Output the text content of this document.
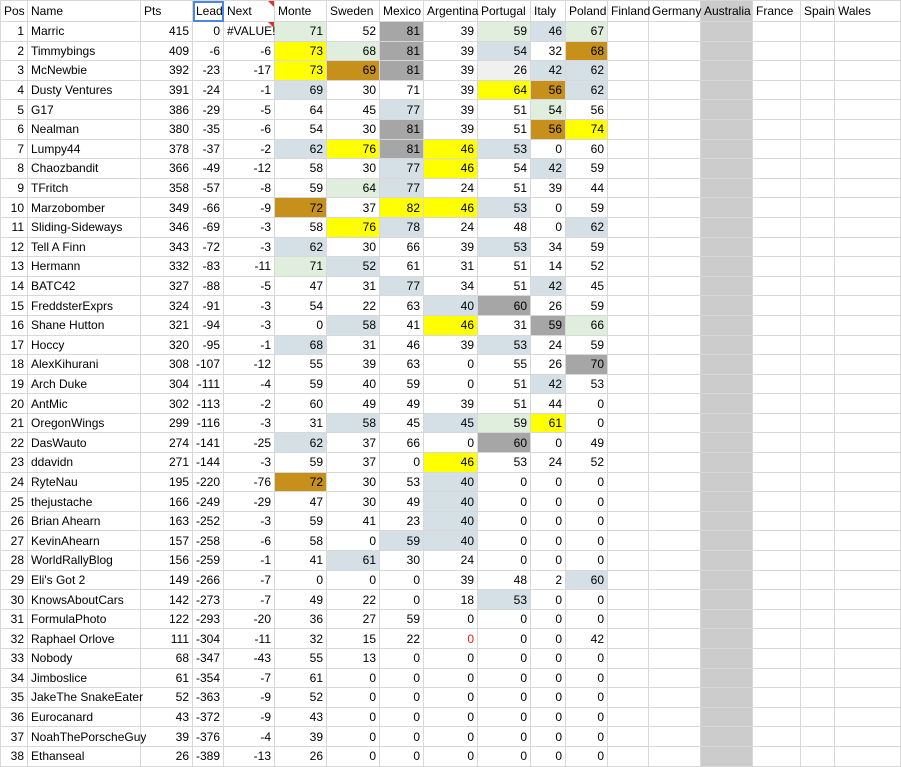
Pos	Name	Pts	Lead	Next	Monte	Sweden	Mexico	Argentina	Portugal	Italy	Poland	Finland	Germany	Australia	France	Spain	Wales
1	Marric	415	0	#VALUE!	71	52	81	39	59	46	67						
2	Timmybings	409	-6	-6	73	68	81	39	54	32	68						
3	McNewbie	392	-23	-17	73	69	81	39	26	42	62						
4	Dusty Ventures	391	-24	-1	69	30	71	39	64	56	62						
5	G17	386	-29	-5	64	45	77	39	51	54	56						
6	Nealman	380	-35	-6	54	30	81	39	51	56	74						
7	Lumpy44	378	-37	-2	62	76	81	46	53	0	60						
8	Chaozbandit	366	-49	-12	58	30	77	46	54	42	59						
9	TFritch	358	-57	-8	59	64	77	24	51	39	44						
10	Marzobomber	349	-66	-9	72	37	82	46	53	0	59						
11	Sliding-Sideways	346	-69	-3	58	76	78	24	48	0	62						
12	Tell A Finn	343	-72	-3	62	30	66	39	53	34	59						
13	Hermann	332	-83	-11	71	52	61	31	51	14	52						
14	BATC42	327	-88	-5	47	31	77	34	51	42	45						
15	FreddsterExprs	324	-91	-3	54	22	63	40	60	26	59						
16	Shane Hutton	321	-94	-3	0	58	41	46	31	59	66						
17	Hoccy	320	-95	-1	68	31	46	39	53	24	59						
18	AlexKihurani	308	-107	-12	55	39	63	0	55	26	70						
19	Arch Duke	304	-111	-4	59	40	59	0	51	42	53						
20	AntMic	302	-113	-2	60	49	49	39	51	44	0						
21	OregonWings	299	-116	-3	31	58	45	45	59	61	0						
22	DasWauto	274	-141	-25	62	37	66	0	60	0	49						
23	ddavidn	271	-144	-3	59	37	0	46	53	24	52						
24	RyteNau	195	-220	-76	72	30	53	40	0	0	0						
25	thejustache	166	-249	-29	47	30	49	40	0	0	0						
26	Brian Ahearn	163	-252	-3	59	41	23	40	0	0	0						
27	KevinAhearn	157	-258	-6	58	0	59	40	0	0	0						
28	WorldRallyBlog	156	-259	-1	41	61	30	24	0	0	0						
29	Eli's Got 2	149	-266	-7	0	0	0	39	48	2	60						
30	KnowsAboutCars	142	-273	-7	49	22	0	18	53	0	0						
31	FormulaPhoto	122	-293	-20	36	27	59	0	0	0	0						
32	Raphael Orlove	111	-304	-11	32	15	22	0	0	0	42						
33	Nobody	68	-347	-43	55	13	0	0	0	0	0						
34	Jimboslice	61	-354	-7	61	0	0	0	0	0	0						
35	JakeThe SnakeEater	52	-363	-9	52	0	0	0	0	0	0						
36	Eurocanard	43	-372	-9	43	0	0	0	0	0	0						
37	NoahThePorscheGuy	39	-376	-4	39	0	0	0	0	0	0						
38	Ethanseal	26	-389	-13	26	0	0	0	0	0	0						
